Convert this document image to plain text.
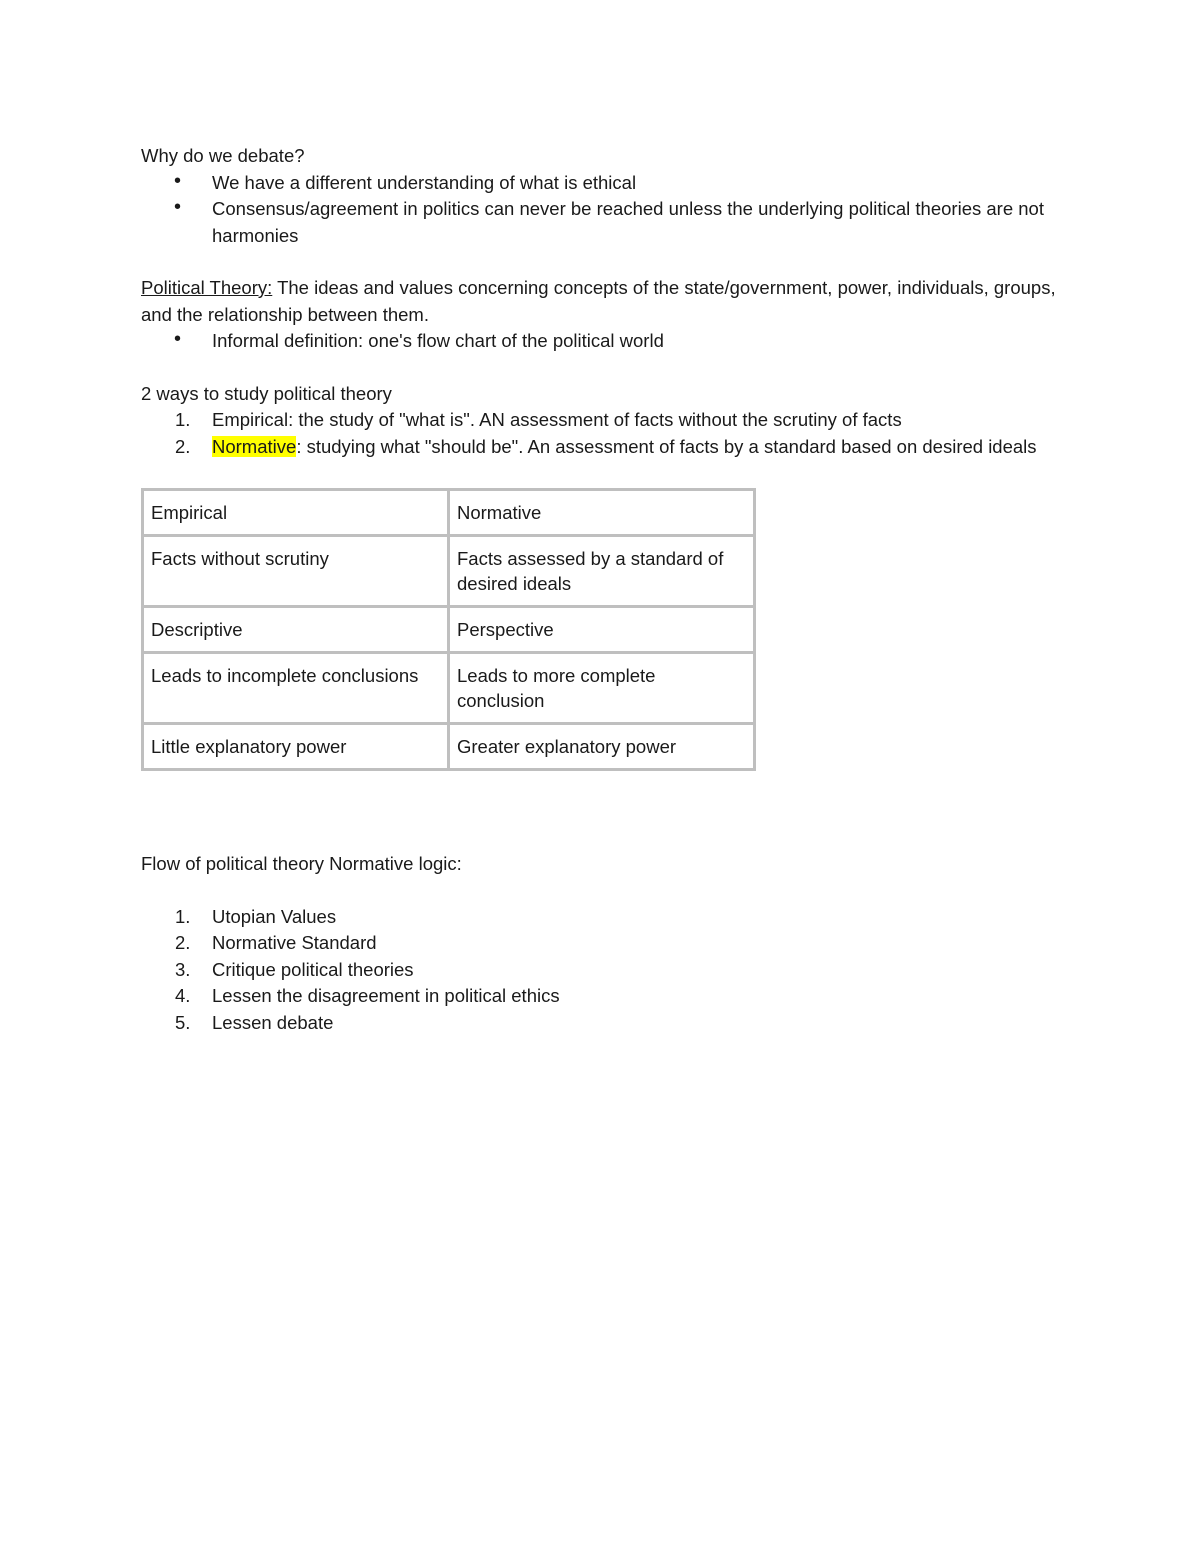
Why do we debate?

• We have a different understanding of what is ethical
• Consensus/agreement in politics can never be reached unless the underlying political theories are not harmonies

Political Theory: The ideas and values concerning concepts of the state/government, power, individuals, groups, and the relationship between them.

• Informal definition: one's flow chart of the political world

2 ways to study political theory

1. Empirical: the study of "what is". AN assessment of facts without the scrutiny of facts
2. Normative: studying what "should be". An assessment of facts by a standard based on desired ideals
Empirical	Normative
Facts without scrutiny	Facts assessed by a standard of desired ideals
Descriptive	Perspective
Leads to incomplete conclusions	Leads to more complete conclusion
Little explanatory power	Greater explanatory power

Flow of political theory Normative logic:

1. Utopian Values
2. Normative Standard
3. Critique political theories
4. Lessen the disagreement in political ethics
5. Lessen debate
